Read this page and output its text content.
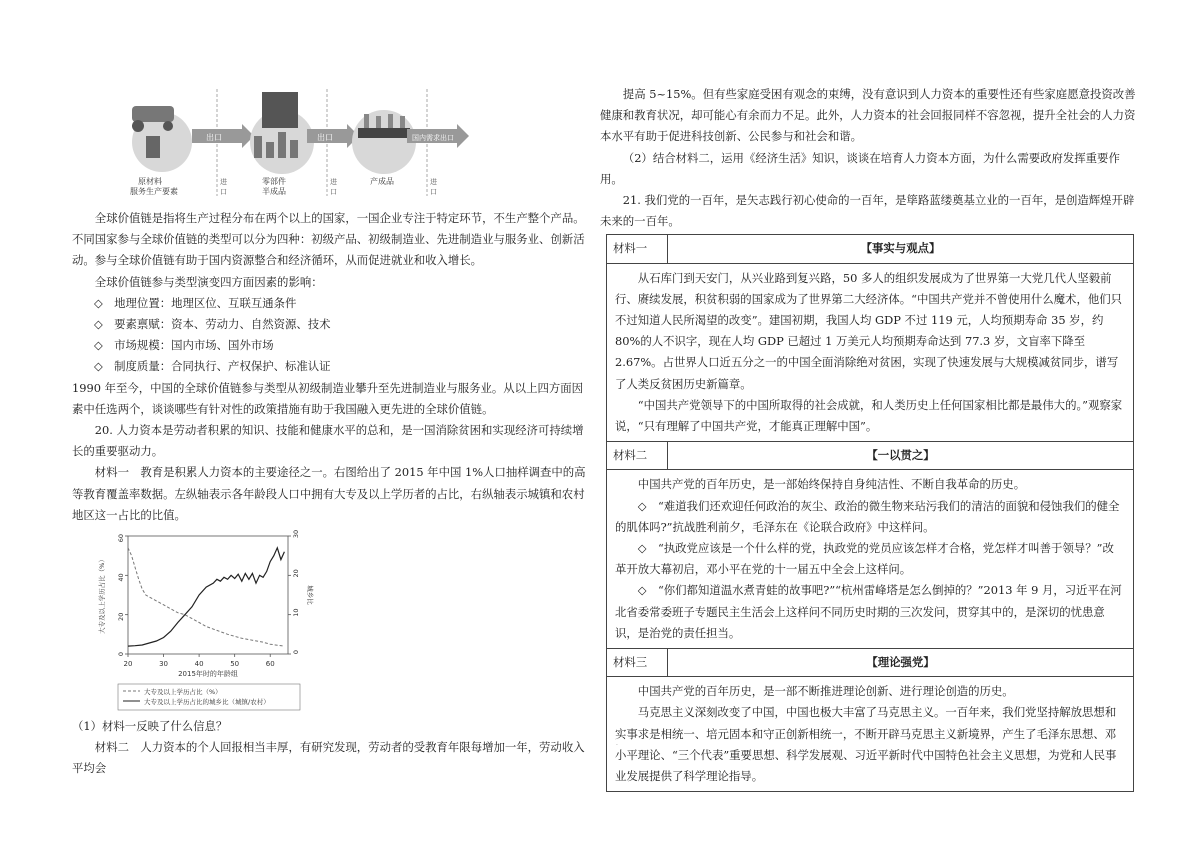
出口	出口	国内需求出口
原材料
服务生产要素
零部件
半成品
产成品
进
口
进
口
进
口

全球价值链是指将生产过程分布在两个以上的国家，一国企业专注于特定环节，不生产整个产品。不同国家参与全球价值链的类型可以分为四种：初级产品、初级制造业、先进制造业与服务业、创新活动。参与全球价值链有助于国内资源整合和经济循环，从而促进就业和收入增长。

全球价值链参与类型演变四方面因素的影响：

◇　地理位置：地理区位、互联互通条件

◇　要素禀赋：资本、劳动力、自然资源、技术

◇　市场规模：国内市场、国外市场

◇　制度质量：合同执行、产权保护、标准认证

1990 年至今，中国的全球价值链参与类型从初级制造业攀升至先进制造业与服务业。从以上四方面因素中任选两个，谈谈哪些有针对性的政策措施有助于我国融入更先进的全球价值链。

20. 人力资本是劳动者积累的知识、技能和健康水平的总和，是一国消除贫困和实现经济可持续增长的重要驱动力。

材料一　教育是积累人力资本的主要途径之一。右图给出了 2015 年中国 1%人口抽样调查中的高等教育覆盖率数据。左纵轴表示各年龄段人口中拥有大专及以上学历者的占比，右纵轴表示城镇和农村地区这一占比的比值。

20	30	40	50	60
0
20
40
60
0
10
20
30
2015年时的年龄组
大专及以上学历占比（%）	城乡比
大专及以上学历占比（%）
大专及以上学历占比的城乡比（城镇/农村）

（1）材料一反映了什么信息？

材料二　人力资本的个人回报相当丰厚，有研究发现，劳动者的受教育年限每增加一年，劳动收入平均会

提高 5~15%。但有些家庭受困有观念的束缚，没有意识到人力资本的重要性还有些家庭愿意投资改善健康和教育状况，却可能心有余而力不足。此外，人力资本的社会回报同样不容忽视，提升全社会的人力资本水平有助于促进科技创新、公民参与和社会和谐。

（2）结合材料二，运用《经济生活》知识，谈谈在培育人力资本方面，为什么需要政府发挥重要作用。

21. 我们党的一百年，是矢志践行初心使命的一百年，是筚路蓝缕奠基立业的一百年，是创造辉煌开辟未来的一百年。

材料一	【事实与观点】

从石库门到天安门，从兴业路到复兴路，50 多人的组织发展成为了世界第一大党几代人坚毅前行、赓续发展，积贫积弱的国家成为了世界第二大经济体。“中国共产党并不曾使用什么魔术，他们只不过知道人民所渴望的改变”。建国初期，我国人均 GDP 不过 119 元，人均预期寿命 35 岁，约 80%的人不识字，现在人均 GDP 已超过 1 万美元人均预期寿命达到 77.3 岁，文盲率下降至 2.67%。占世界人口近五分之一的中国全面消除绝对贫困，实现了快速发展与大规模减贫同步，谱写了人类反贫困历史新篇章。

“中国共产党领导下的中国所取得的社会成就，和人类历史上任何国家相比都是最伟大的。”观察家说，“只有理解了中国共产党，才能真正理解中国”。	

材料二	【一以贯之】

中国共产党的百年历史，是一部始终保持自身纯洁性、不断自我革命的历史。

◇　“难道我们还欢迎任何政治的灰尘、政治的微生物来玷污我们的清洁的面貌和侵蚀我们的健全的肌体吗?”抗战胜利前夕，毛泽东在《论联合政府》中这样问。

◇　“执政党应该是一个什么样的党，执政党的党员应该怎样才合格，党怎样才叫善于领导？”改革开放大幕初启，邓小平在党的十一届五中全会上这样问。

◇　“你们都知道温水煮青蛙的故事吧?”“杭州雷峰塔是怎么倒掉的？”2013 年 9 月，习近平在河北省委常委班子专题民主生活会上这样问不同历史时期的三次发问，贯穿其中的，是深切的忧患意识，是治党的责任担当。	

材料三	【理论强党】

中国共产党的百年历史，是一部不断推进理论创新、进行理论创造的历史。

马克思主义深刻改变了中国，中国也极大丰富了马克思主义。一百年来，我们党坚持解放思想和实事求是相统一、培元固本和守正创新相统一，不断开辟马克思主义新境界，产生了毛泽东思想、邓小平理论、“三个代表”重要思想、科学发展观、习近平新时代中国特色社会主义思想，为党和人民事业发展提供了科学理论指导。	

.
